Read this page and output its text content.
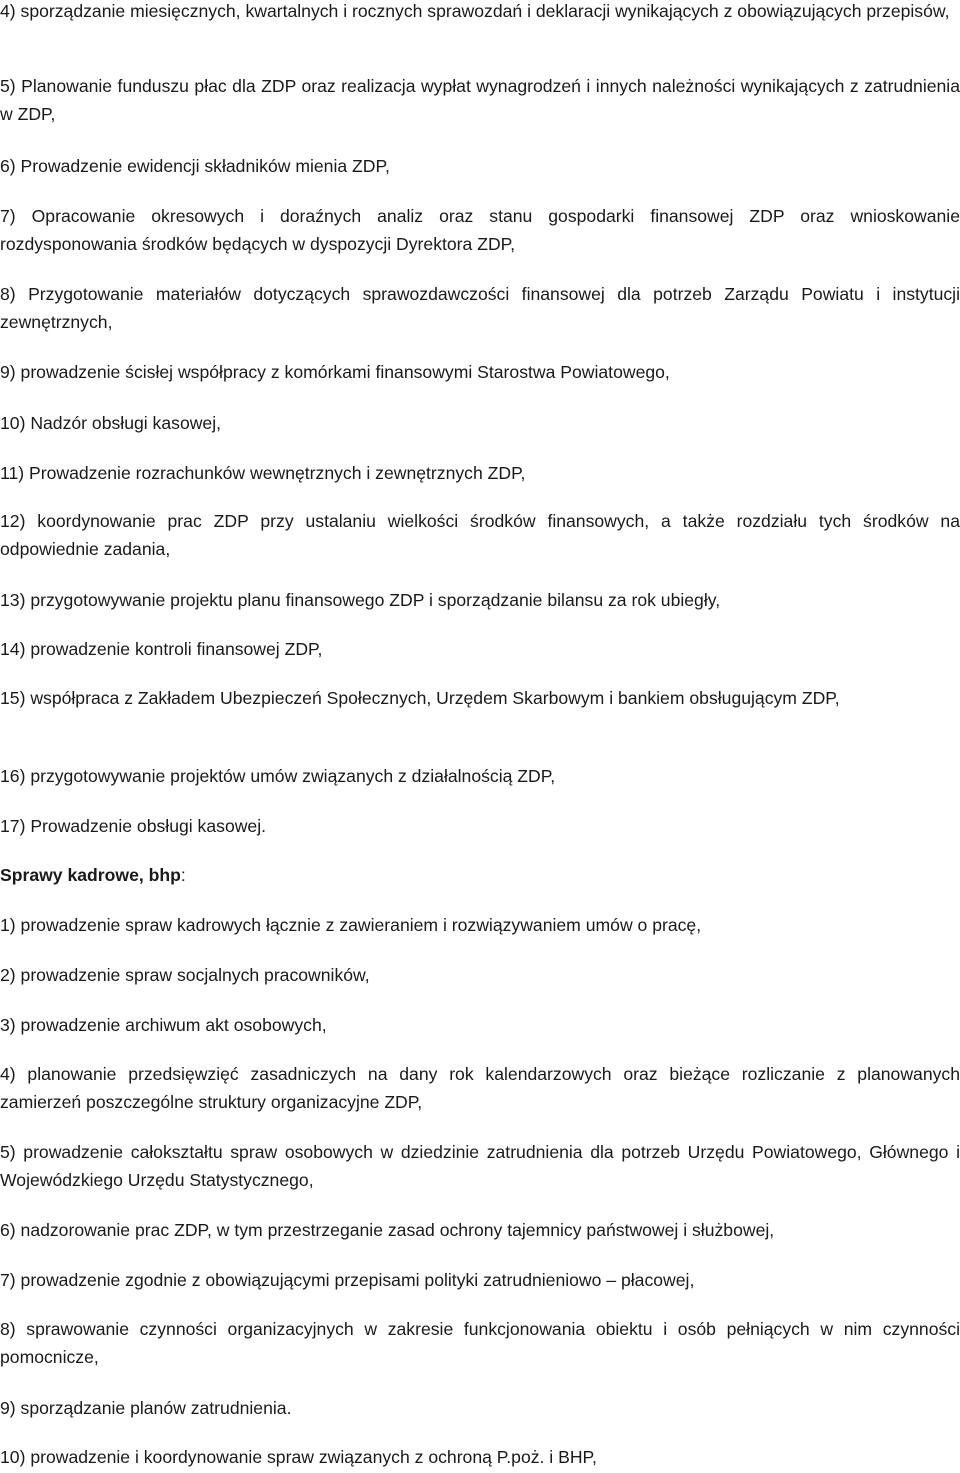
4) sporządzanie miesięcznych, kwartalnych i rocznych sprawozdań i deklaracji wynikających z obowiązujących przepisów,

5) Planowanie funduszu płac dla ZDP oraz realizacja wypłat wynagrodzeń i innych należności wynikających z zatrudnienia w ZDP,

6) Prowadzenie ewidencji składników mienia ZDP,

7) Opracowanie okresowych i doraźnych analiz oraz stanu gospodarki finansowej ZDP oraz wnioskowanie rozdysponowania środków będących w dyspozycji Dyrektora ZDP,

8) Przygotowanie materiałów dotyczących sprawozdawczości finansowej dla potrzeb Zarządu Powiatu i instytucji zewnętrznych,

9) prowadzenie ścisłej współpracy z komórkami finansowymi Starostwa Powiatowego,

10) Nadzór obsługi kasowej,

11) Prowadzenie rozrachunków wewnętrznych i zewnętrznych ZDP,

12) koordynowanie prac ZDP przy ustalaniu wielkości środków finansowych, a także rozdziału tych środków na odpowiednie zadania,

13) przygotowywanie projektu planu finansowego ZDP i sporządzanie bilansu za rok ubiegły,

14) prowadzenie kontroli finansowej ZDP,

15) współpraca z Zakładem Ubezpieczeń Społecznych, Urzędem Skarbowym i bankiem obsługującym ZDP,

16) przygotowywanie projektów umów związanych z działalnością ZDP,

17) Prowadzenie obsługi kasowej.

Sprawy kadrowe, bhp:

1) prowadzenie spraw kadrowych łącznie z zawieraniem i rozwiązywaniem umów o pracę,

2) prowadzenie spraw socjalnych pracowników,

3) prowadzenie archiwum akt osobowych,

4) planowanie przedsięwzięć zasadniczych na dany rok kalendarzowych oraz bieżące rozliczanie z planowanych zamierzeń poszczególne struktury organizacyjne ZDP,

5) prowadzenie całokształtu spraw osobowych w dziedzinie zatrudnienia dla potrzeb Urzędu Powiatowego, Głównego i Wojewódzkiego Urzędu Statystycznego,

6) nadzorowanie prac ZDP, w tym przestrzeganie zasad ochrony tajemnicy państwowej i służbowej,

7) prowadzenie zgodnie z obowiązującymi przepisami polityki zatrudnieniowo – płacowej,

8) sprawowanie czynności organizacyjnych w zakresie funkcjonowania obiektu i osób pełniących w nim czynności pomocnicze,

9) sporządzanie planów zatrudnienia.

10) prowadzenie i koordynowanie spraw związanych z ochroną P.poż. i BHP,
